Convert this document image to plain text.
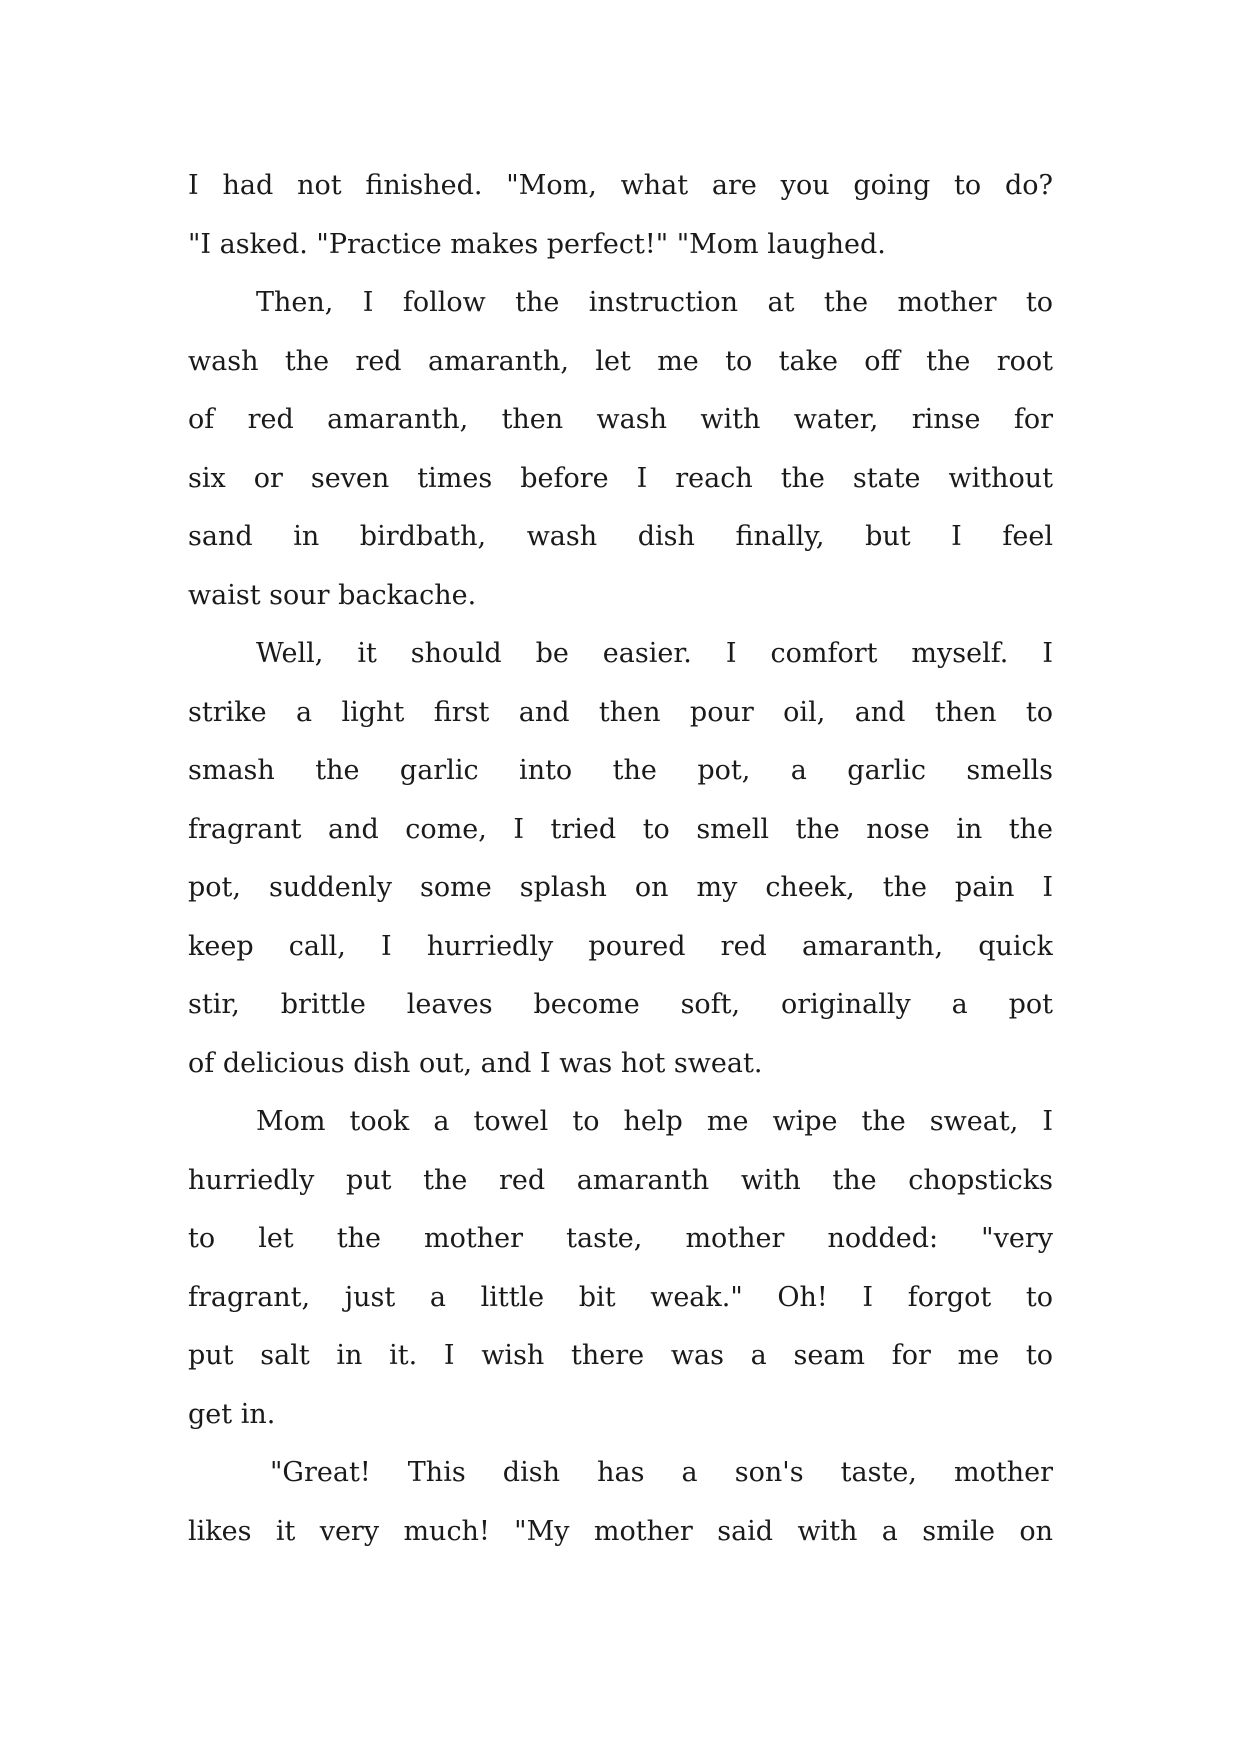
I had not finished. "Mom, what are you going to do?
"I asked. "Practice makes perfect!" "Mom laughed.
Then, I follow the instruction at the mother to
wash the red amaranth, let me to take off the root
of red amaranth, then wash with water, rinse for
six or seven times before I reach the state without
sand in birdbath, wash dish finally, but I feel
waist sour backache.
Well, it should be easier. I comfort myself. I
strike a light first and then pour oil, and then to
smash the garlic into the pot, a garlic smells
fragrant and come, I tried to smell the nose in the
pot, suddenly some splash on my cheek, the pain I
keep call, I hurriedly poured red amaranth, quick
stir, brittle leaves become soft, originally a pot
of delicious dish out, and I was hot sweat.
Mom took a towel to help me wipe the sweat, I
hurriedly put the red amaranth with the chopsticks
to let the mother taste, mother nodded: "very
fragrant, just a little bit weak." Oh! I forgot to
put salt in it. I wish there was a seam for me to
get in.
"Great! This dish has a son's taste, mother
likes it very much! "My mother said with a smile on
